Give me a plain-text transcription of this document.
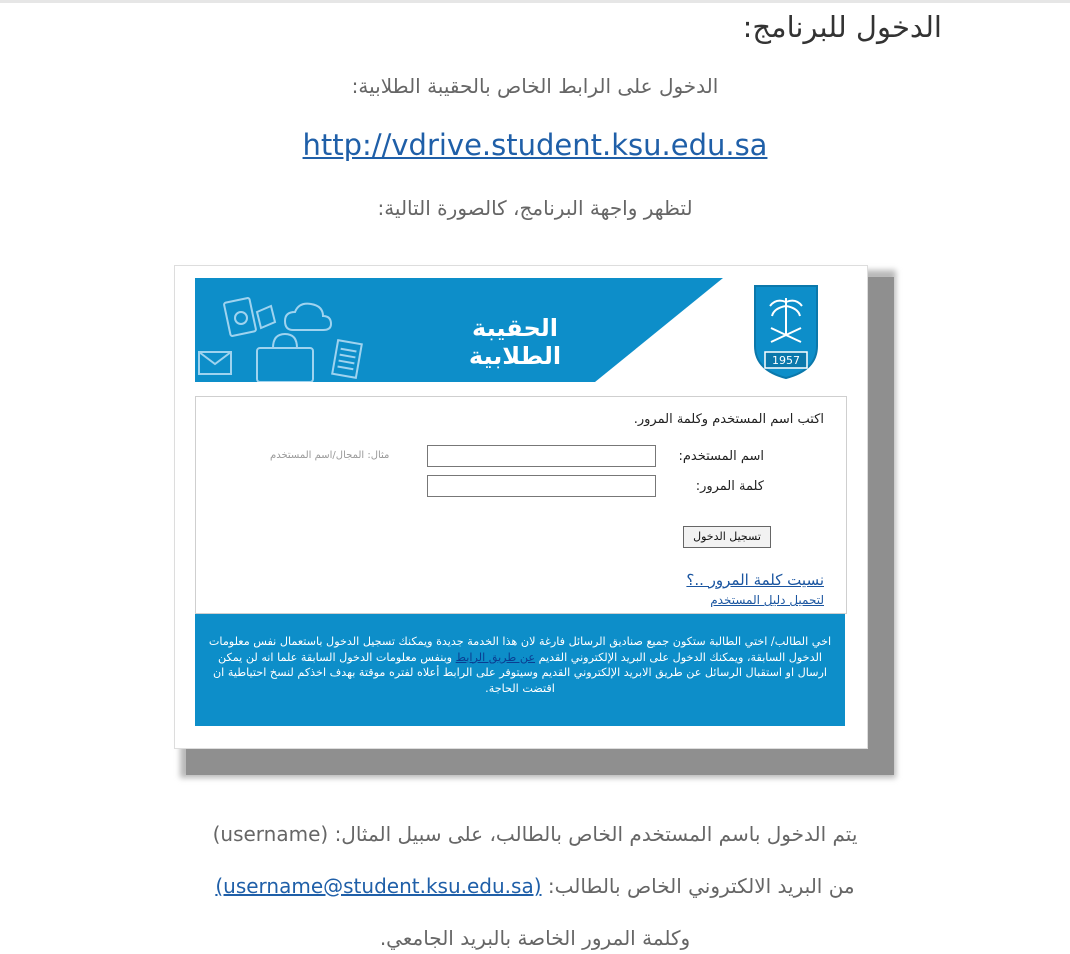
الدخول للبرنامج:
الدخول على الرابط الخاص بالحقيبة الطلابية:
http://vdrive.student.ksu.edu.sa
لتظهر واجهة البرنامج، كالصورة التالية:
الحقيبة الطلابية	1957
اكتب اسم المستخدم وكلمة المرور.
اسم المستخدم:
مثال: المجال/اسم المستخدم
كلمة المرور:
تسجيل الدخول
نسيت كلمة المرور ..؟
لتحميل دليل المستخدم

اخي الطالب/ اختي الطالبة ستكون جميع صناديق الرسائل فارغة لان هذا الخدمة جديدة ويمكنك تسجيل الدخول باستعمال نفس معلومات الدخول السابقة، ويمكنك الدخول على البريد الإلكتروني القديم عن طريق الرابط وبنفس معلومات الدخول السابقة علما انه لن يمكن ارسال او استقبال الرسائل عن طريق الابريد الإلكتروني القديم وسيتوفر على الرابط أعلاه لفتره موقتة بهدف اخذكم لنسخ احتياطية ان اقتضت الحاجة.

يتم الدخول باسم المستخدم الخاص بالطالب، على سبيل المثال: (username)
من البريد الالكتروني الخاص بالطالب: (username@student.ksu.edu.sa)
وكلمة المرور الخاصة بالبريد الجامعي.
